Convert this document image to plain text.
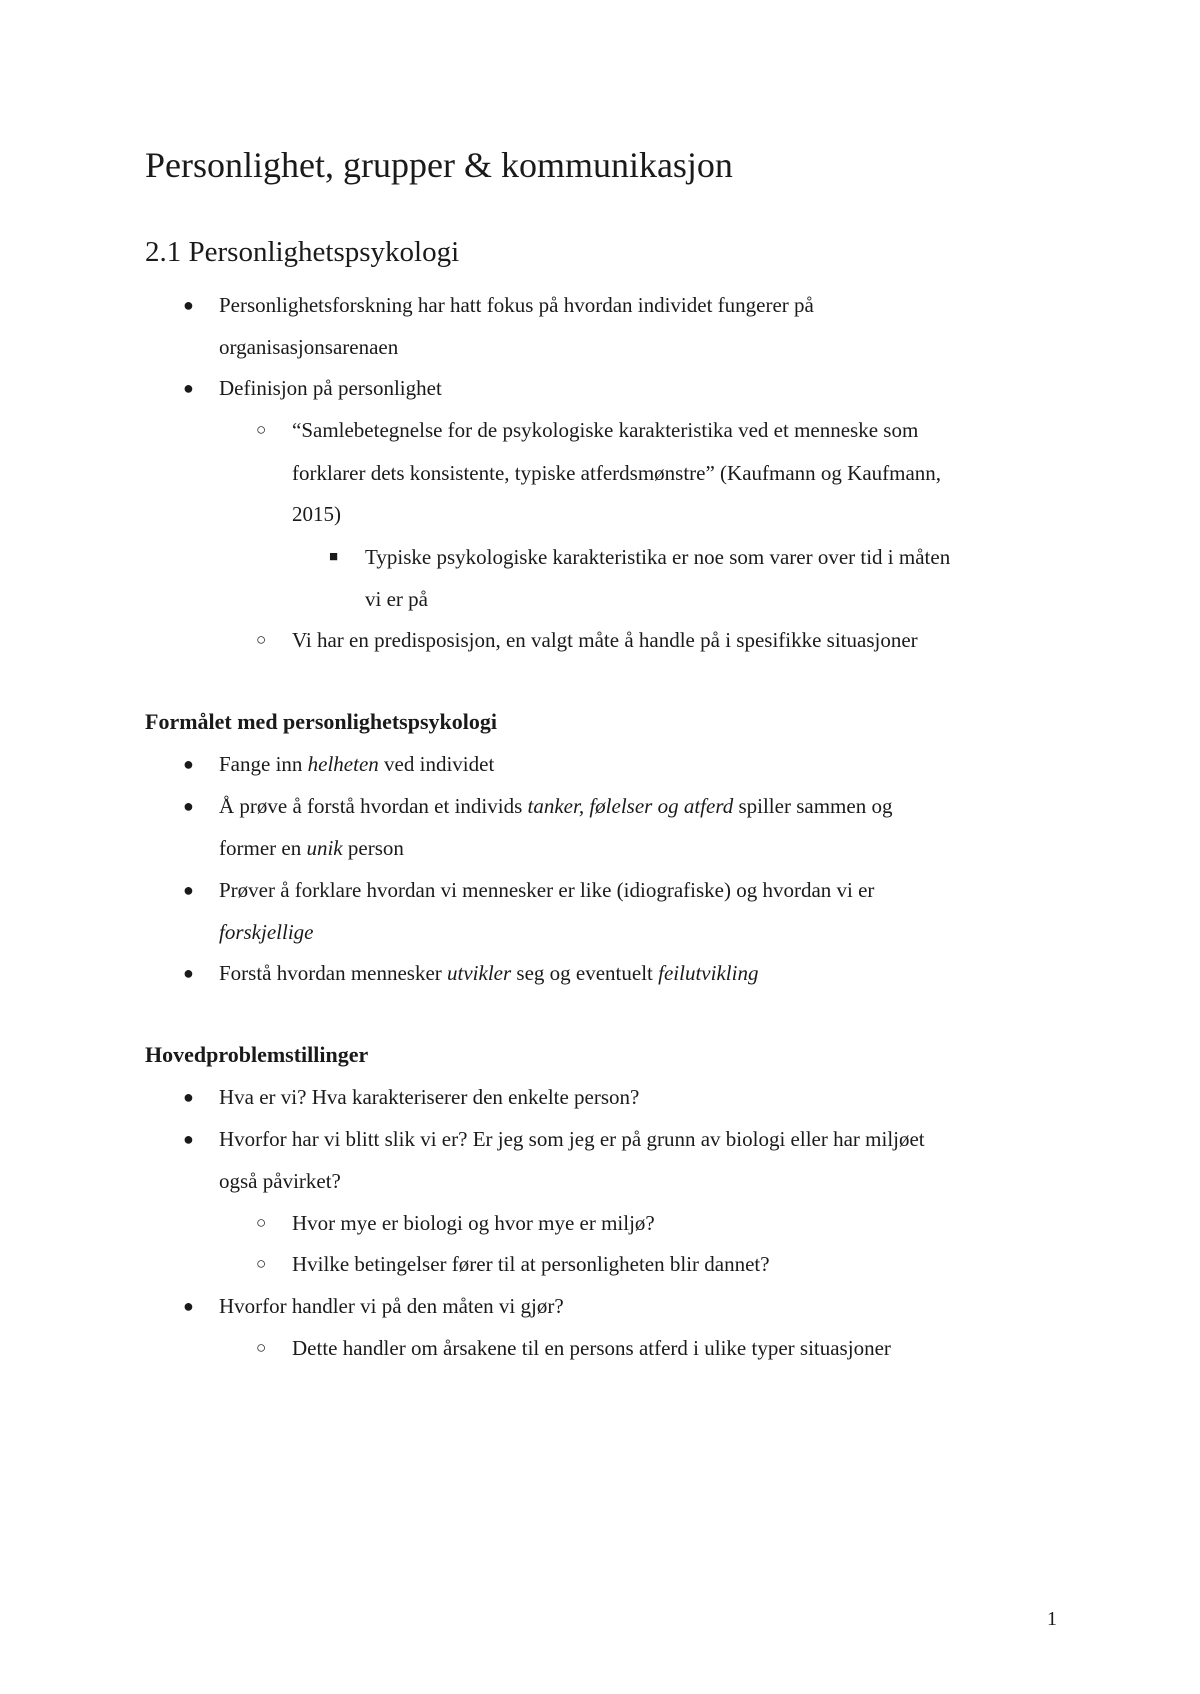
Personlighet, grupper & kommunikasjon
2.1 Personlighetspsykologi
● Personlighetsforskning har hatt fokus på hvordan individet fungerer på
organisasjonsarenaen
● Definisjon på personlighet
○ “Samlebetegnelse for de psykologiske karakteristika ved et menneske som
forklarer dets konsistente, typiske atferdsmønstre” (Kaufmann og Kaufmann,
2015)
■ Typiske psykologiske karakteristika er noe som varer over tid i måten
vi er på
○ Vi har en predisposisjon, en valgt måte å handle på i spesifikke situasjoner
Formålet med personlighetspsykologi
● Fange inn helheten ved individet
● Å prøve å forstå hvordan et individs tanker, følelser og atferd spiller sammen og
former en unik person
● Prøver å forklare hvordan vi mennesker er like (idiografiske) og hvordan vi er
forskjellige
● Forstå hvordan mennesker utvikler seg og eventuelt feilutvikling
Hovedproblemstillinger
● Hva er vi? Hva karakteriserer den enkelte person?
● Hvorfor har vi blitt slik vi er? Er jeg som jeg er på grunn av biologi eller har miljøet
også påvirket?
○ Hvor mye er biologi og hvor mye er miljø?
○ Hvilke betingelser fører til at personligheten blir dannet?
● Hvorfor handler vi på den måten vi gjør?
○ Dette handler om årsakene til en persons atferd i ulike typer situasjoner
1
